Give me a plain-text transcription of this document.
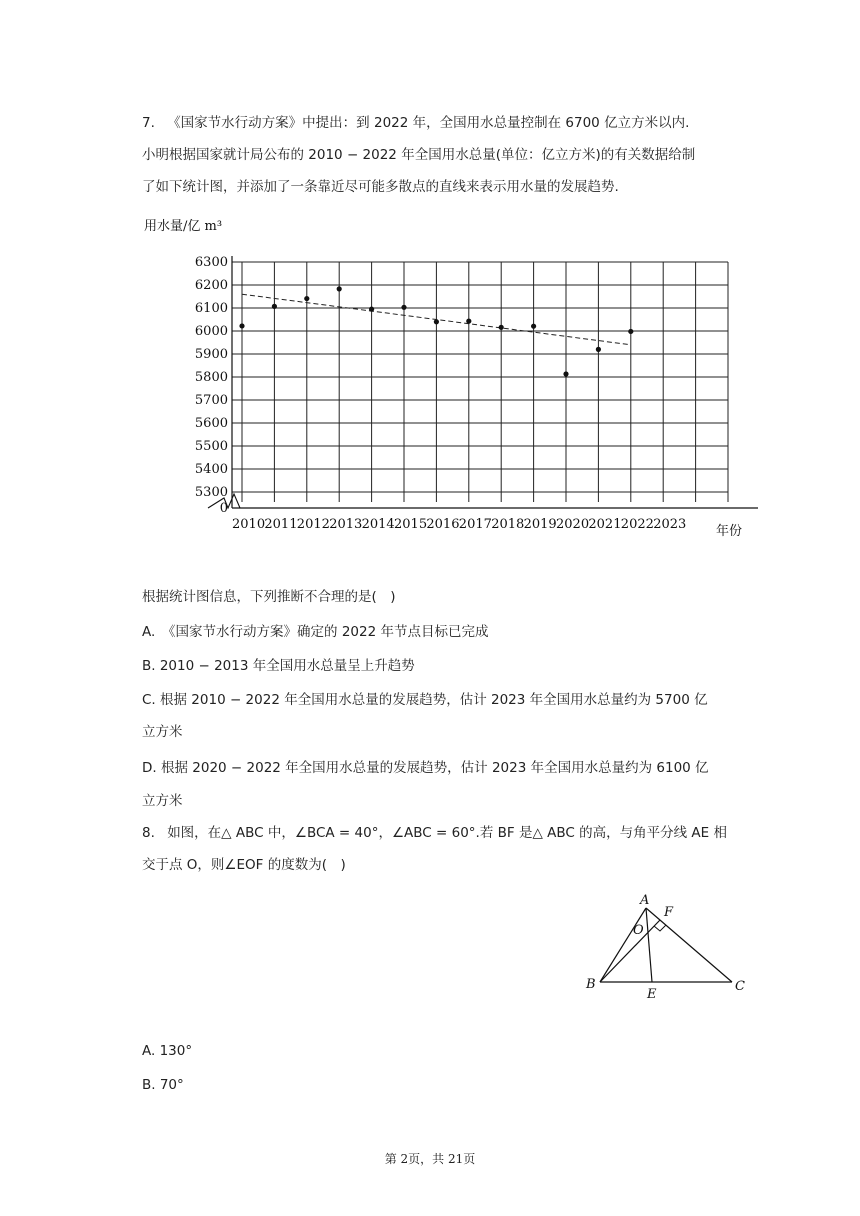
7. 《国家节水行动方案》中提出：到 2022 年，全国用水总量控制在 6700 亿立方米以内.
小明根据国家就计局公布的 2010 − 2022 年全国用水总量(单位：亿立方米)的有关数据给制
了如下统计图，并添加了一条靠近尽可能多散点的直线来表示用水量的发展趋势.
0
5300
5400
5500
5600
5700
5800
5900
6000
6100
6200
6300
2010 2011 2012 2013 2014 2015 2016 2017 2018 2019 2020 2021 2022 2023
用水量/亿 m³
年份
根据统计图信息，下列推断不合理的是(　)
A.　《国家节水行动方案》确定的 2022 年节点目标已完成
B. 2010 − 2013 年全国用水总量呈上升趋势
C. 根据 2010 − 2022 年全国用水总量的发展趋势，估计 2023 年全国用水总量约为 5700 亿
立方米
D. 根据 2020 − 2022 年全国用水总量的发展趋势，估计 2023 年全国用水总量约为 6100 亿
立方米
8. 如图，在△ ABC 中，∠BCA = 40°，∠ABC = 60°.若 BF 是△ ABC 的高，与角平分线 AE 相
交于点 O，则∠EOF 的度数为(　)
A
B	C
E
F
O
A. 130°
B. 70°
第 2页，共 21页
